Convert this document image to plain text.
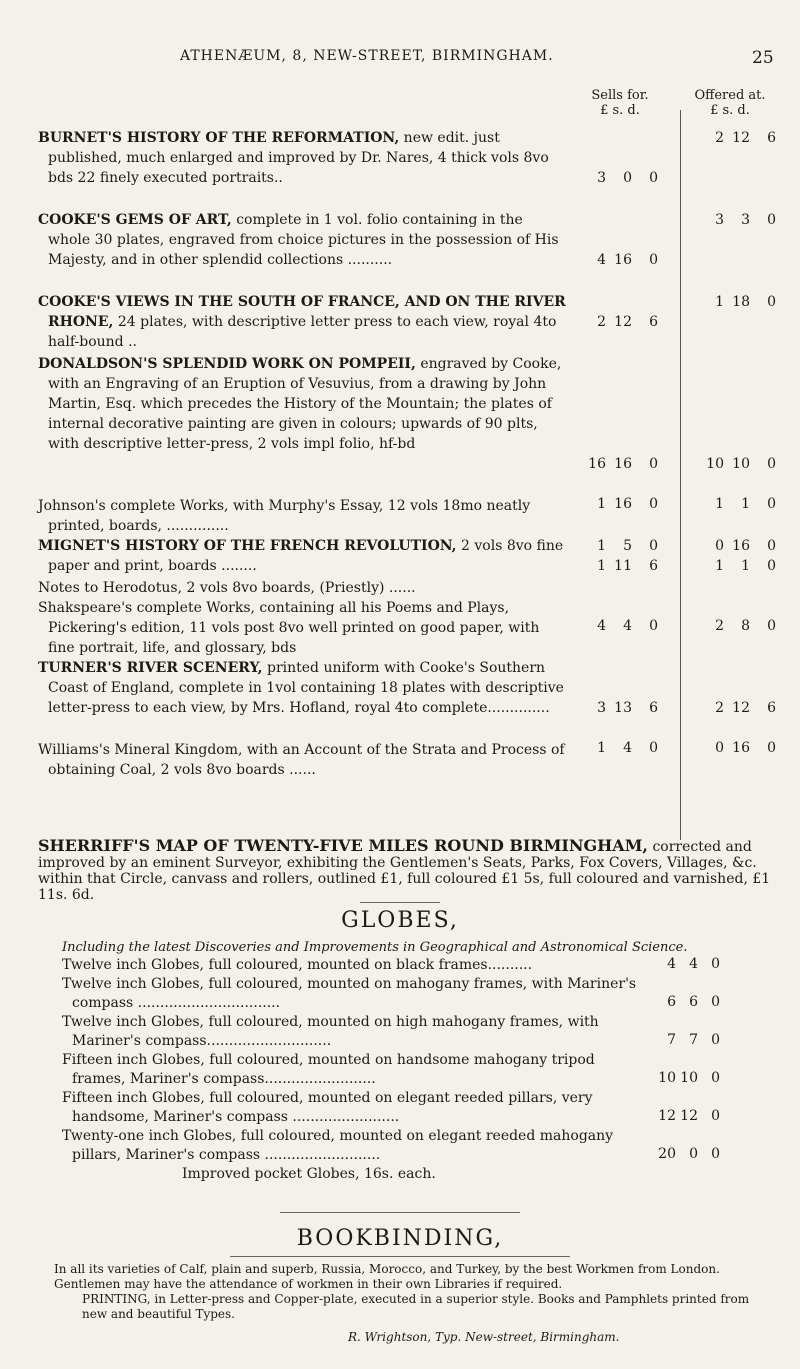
ATHENÆUM, 8, NEW-STREET, BIRMINGHAM.	25
Sells for.
£ s. d.
Offered at.
£ s. d.

BURNET'S HISTORY OF THE REFORMATION, new edit. just published, much enlarged and improved by Dr. Nares, 4 thick vols 8vo bds 22 finely executed portraits..

COOKE'S GEMS OF ART, complete in 1 vol. folio containing in the whole 30 plates, engraved from choice pictures in the possession of His Majesty, and in other splendid collections ..........

COOKE'S VIEWS IN THE SOUTH OF FRANCE, AND ON THE RIVER RHONE, 24 plates, with descriptive letter press to each view, royal 4to half-bound ..

DONALDSON'S SPLENDID WORK ON POMPEII, engraved by Cooke, with an Engraving of an Eruption of Vesuvius, from a drawing by John Martin, Esq. which precedes the History of the Mountain; the plates of internal decorative painting are given in colours; upwards of 90 plts, with descriptive letter-press, 2 vols impl folio, hf-bd

Johnson's complete Works, with Murphy's Essay, 12 vols 18mo neatly printed, boards, ..............

MIGNET'S HISTORY OF THE FRENCH REVOLUTION, 2 vols 8vo fine paper and print, boards ........

Notes to Herodotus, 2 vols 8vo boards, (Priestly) ......

Shakspeare's complete Works, containing all his Poems and Plays, Pickering's edition, 11 vols post 8vo well printed on good paper, with fine portrait, life, and glossary, bds

TURNER'S RIVER SCENERY, printed uniform with Cooke's Southern Coast of England, complete in 1vol containing 18 plates with descriptive letter-press to each view, by Mrs. Hofland, royal 4to complete..............

Williams's Mineral Kingdom, with an Account of the Strata and Process of obtaining Coal, 2 vols 8vo boards ......

3 0 0
4 16 0
2 12 6
16 16 0
1 16 0
1 5 0
1 11 6
4 4 0
3 13 6
1 4 0
2 12 6
3 3 0
1 18 0
10 10 0
1 1 0
0 16 0
1 1 0
2 8 0
2 12 6
0 16 0
SHERRIFF'S MAP OF TWENTY-FIVE MILES ROUND BIRMINGHAM, corrected and improved by an eminent Surveyor, exhibiting the Gentlemen's Seats, Parks, Fox Covers, Villages, &c. within that Circle, canvass and rollers, outlined £1, full coloured £1 5s, full coloured and varnished, £1 11s. 6d.
GLOBES,
Including the latest Discoveries and Improvements in Geographical and Astronomical Science.
Twelve inch Globes, full coloured, mounted on black frames..........
Twelve inch Globes, full coloured, mounted on mahogany frames, with Mariner's compass ................................
Twelve inch Globes, full coloured, mounted on high mahogany frames, with Mariner's compass............................
Fifteen inch Globes, full coloured, mounted on handsome mahogany tripod frames, Mariner's compass.........................
Fifteen inch Globes, full coloured, mounted on elegant reeded pillars, very handsome, Mariner's compass ........................
Twenty-one inch Globes, full coloured, mounted on elegant reeded mahogany pillars, Mariner's compass ..........................
Improved pocket Globes, 16s. each.
4 4 0
6 6 0
7 7 0
10 10 0
12 12 0
20 0 0
BOOKBINDING,
In all its varieties of Calf, plain and superb, Russia, Morocco, and Turkey, by the best Workmen from London. Gentlemen may have the attendance of workmen in their own Libraries if required.
PRINTING, in Letter-press and Copper-plate, executed in a superior style. Books and Pamphlets printed from new and beautiful Types.
R. Wrightson, Typ. New-street, Birmingham.
